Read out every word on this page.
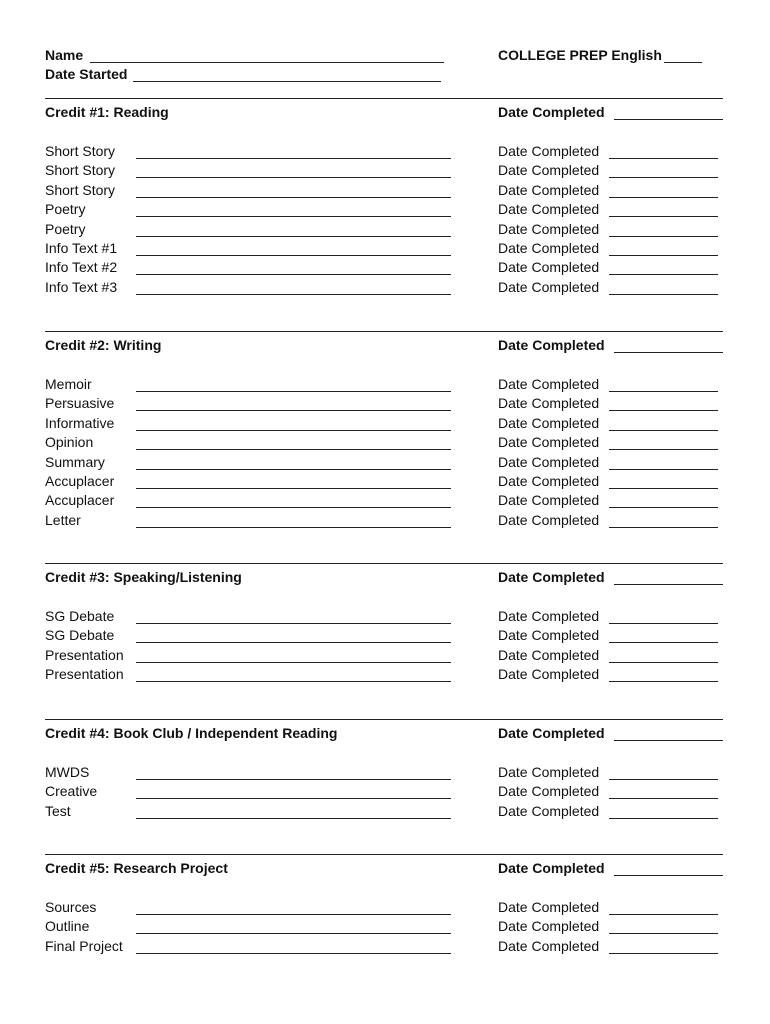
Name
Date Started
COLLEGE PREP English
Credit #1: Reading	Date Completed
Short Story	Date Completed
Short Story	Date Completed
Short Story	Date Completed
Poetry	Date Completed
Poetry	Date Completed
Info Text #1	Date Completed
Info Text #2	Date Completed
Info Text #3	Date Completed
Credit #2: Writing	Date Completed
Memoir	Date Completed
Persuasive	Date Completed
Informative	Date Completed
Opinion	Date Completed
Summary	Date Completed
Accuplacer	Date Completed
Accuplacer	Date Completed
Letter	Date Completed
Credit #3: Speaking/Listening	Date Completed
SG Debate	Date Completed
SG Debate	Date Completed
Presentation	Date Completed
Presentation	Date Completed
Credit #4: Book Club / Independent Reading	Date Completed
MWDS	Date Completed
Creative	Date Completed
Test	Date Completed
Credit #5: Research Project	Date Completed
Sources	Date Completed
Outline	Date Completed
Final Project	Date Completed
